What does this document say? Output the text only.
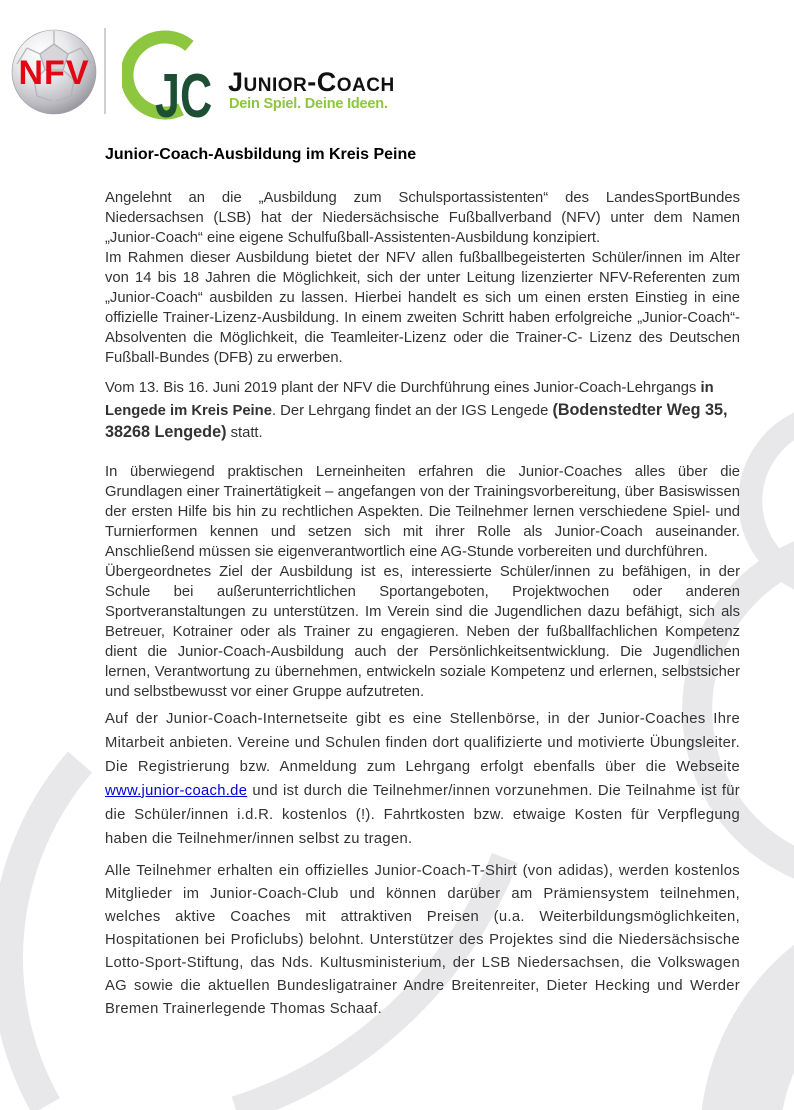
NFV JC Junior-Coach
Dein Spiel. Deine Ideen.
Junior-Coach-Ausbildung im Kreis Peine

Angelehnt an die „Ausbildung zum Schulsportassistenten“ des LandesSportBundes Niedersachsen (LSB) hat der Niedersächsische Fußballverband (NFV) unter dem Namen „Junior-Coach“ eine eigene Schulfußball-Assistenten-Ausbildung konzipiert.
Im Rahmen dieser Ausbildung bietet der NFV allen fußballbegeisterten Schüler/innen im Alter von 14 bis 18 Jahren die Möglichkeit, sich der unter Leitung lizenzierter NFV-Referenten zum „Junior-Coach“ ausbilden zu lassen. Hierbei handelt es sich um einen ersten Einstieg in eine offizielle Trainer-Lizenz-Ausbildung. In einem zweiten Schritt haben erfolgreiche „Junior-Coach“-Absolventen die Möglichkeit, die Teamleiter-Lizenz oder die Trainer-C- Lizenz des Deutschen Fußball-Bundes (DFB) zu erwerben.

Vom 13. Bis 16. Juni 2019 plant der NFV die Durchführung eines Junior-Coach-Lehrgangs in Lengede im Kreis Peine. Der Lehrgang findet an der IGS Lengede (Bodenstedter Weg 35, 38268 Lengede) statt.

In überwiegend praktischen Lerneinheiten erfahren die Junior-Coaches alles über die Grundlagen einer Trainertätigkeit – angefangen von der Trainingsvorbereitung, über Basiswissen der ersten Hilfe bis hin zu rechtlichen Aspekten. Die Teilnehmer lernen verschiedene Spiel- und Turnierformen kennen und setzen sich mit ihrer Rolle als Junior-Coach auseinander. Anschließend müssen sie eigenverantwortlich eine AG-Stunde vorbereiten und durchführen.
Übergeordnetes Ziel der Ausbildung ist es, interessierte Schüler/innen zu befähigen, in der Schule bei außerunterrichtlichen Sportangeboten, Projektwochen oder anderen Sportveranstaltungen zu unterstützen. Im Verein sind die Jugendlichen dazu befähigt, sich als Betreuer, Kotrainer oder als Trainer zu engagieren. Neben der fußballfachlichen Kompetenz dient die Junior-Coach-Ausbildung auch der Persönlichkeitsentwicklung. Die Jugendlichen lernen, Verantwortung zu übernehmen, entwickeln soziale Kompetenz und erlernen, selbstsicher und selbstbewusst vor einer Gruppe aufzutreten.

Auf der Junior-Coach-Internetseite gibt es eine Stellenbörse, in der Junior-Coaches Ihre Mitarbeit anbieten. Vereine und Schulen finden dort qualifizierte und motivierte Übungsleiter. Die Registrierung bzw. Anmeldung zum Lehrgang erfolgt ebenfalls über die Webseite www.junior-coach.de und ist durch die Teilnehmer/innen vorzunehmen. Die Teilnahme ist für die Schüler/innen i.d.R. kostenlos (!). Fahrtkosten bzw. etwaige Kosten für Verpflegung haben die Teilnehmer/innen selbst zu tragen.

Alle Teilnehmer erhalten ein offizielles Junior-Coach-T-Shirt (von adidas), werden kostenlos Mitglieder im Junior-Coach-Club und können darüber am Prämiensystem teilnehmen, welches aktive Coaches mit attraktiven Preisen (u.a. Weiterbildungsmöglichkeiten, Hospitationen bei Proficlubs) belohnt. Unterstützer des Projektes sind die Niedersächsische Lotto-Sport-Stiftung, das Nds. Kultusministerium, der LSB Niedersachsen, die Volkswagen AG sowie die aktuellen Bundesligatrainer Andre Breitenreiter, Dieter Hecking und Werder Bremen Trainerlegende Thomas Schaaf.
